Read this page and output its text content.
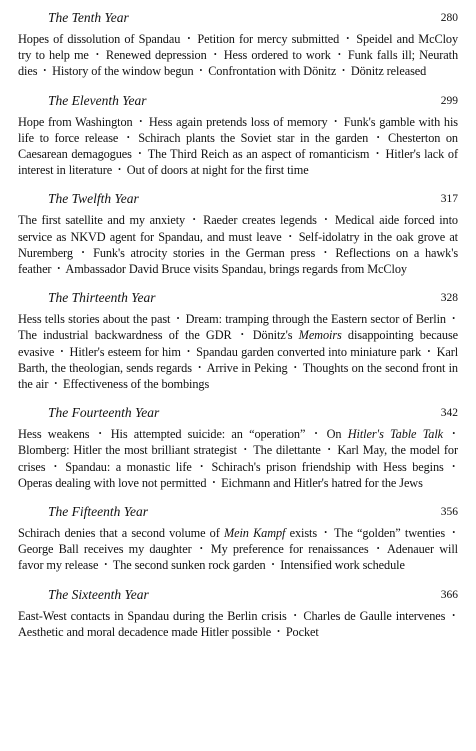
The Tenth Year	280

Hopes of dissolution of Spandau • Petition for mercy submitted • Speidel and McCloy try to help me • Renewed depression • Hess ordered to work • Funk falls ill; Neurath dies • History of the window begun • Confrontation with Dönitz • Dönitz released

The Eleventh Year	299

Hope from Washington • Hess again pretends loss of memory • Funk's gamble with his life to force release • Schirach plants the Soviet star in the garden • Chesterton on Caesarean demagogues • The Third Reich as an aspect of romanticism • Hitler's lack of interest in literature • Out of doors at night for the first time

The Twelfth Year	317

The first satellite and my anxiety • Raeder creates legends • Medical aide forced into service as NKVD agent for Spandau, and must leave • Self-idolatry in the oak grove at Nuremberg • Funk's atrocity stories in the German press • Reflections on a hawk's feather • Ambassador David Bruce visits Spandau, brings regards from McCloy

The Thirteenth Year	328

Hess tells stories about the past • Dream: tramping through the Eastern sector of Berlin • The industrial backwardness of the GDR • Dönitz's Memoirs disappointing because evasive • Hitler's esteem for him • Spandau garden converted into miniature park • Karl Barth, the theologian, sends regards • Arrive in Peking • Thoughts on the second front in the air • Effectiveness of the bombings

The Fourteenth Year	342

Hess weakens • His attempted suicide: an “operation” • On Hitler's Table Talk • Blomberg: Hitler the most brilliant strategist • The dilettante • Karl May, the model for crises • Spandau: a monastic life • Schirach's prison friendship with Hess begins • Operas dealing with love not permitted • Eichmann and Hitler's hatred for the Jews

The Fifteenth Year	356

Schirach denies that a second volume of Mein Kampf exists • The “golden” twenties • George Ball receives my daughter • My preference for renaissances • Adenauer will favor my release • The second sunken rock garden • Intensified work schedule

The Sixteenth Year	366

East-West contacts in Spandau during the Berlin crisis • Charles de Gaulle intervenes • Aesthetic and moral decadence made Hitler possible • Pocket
